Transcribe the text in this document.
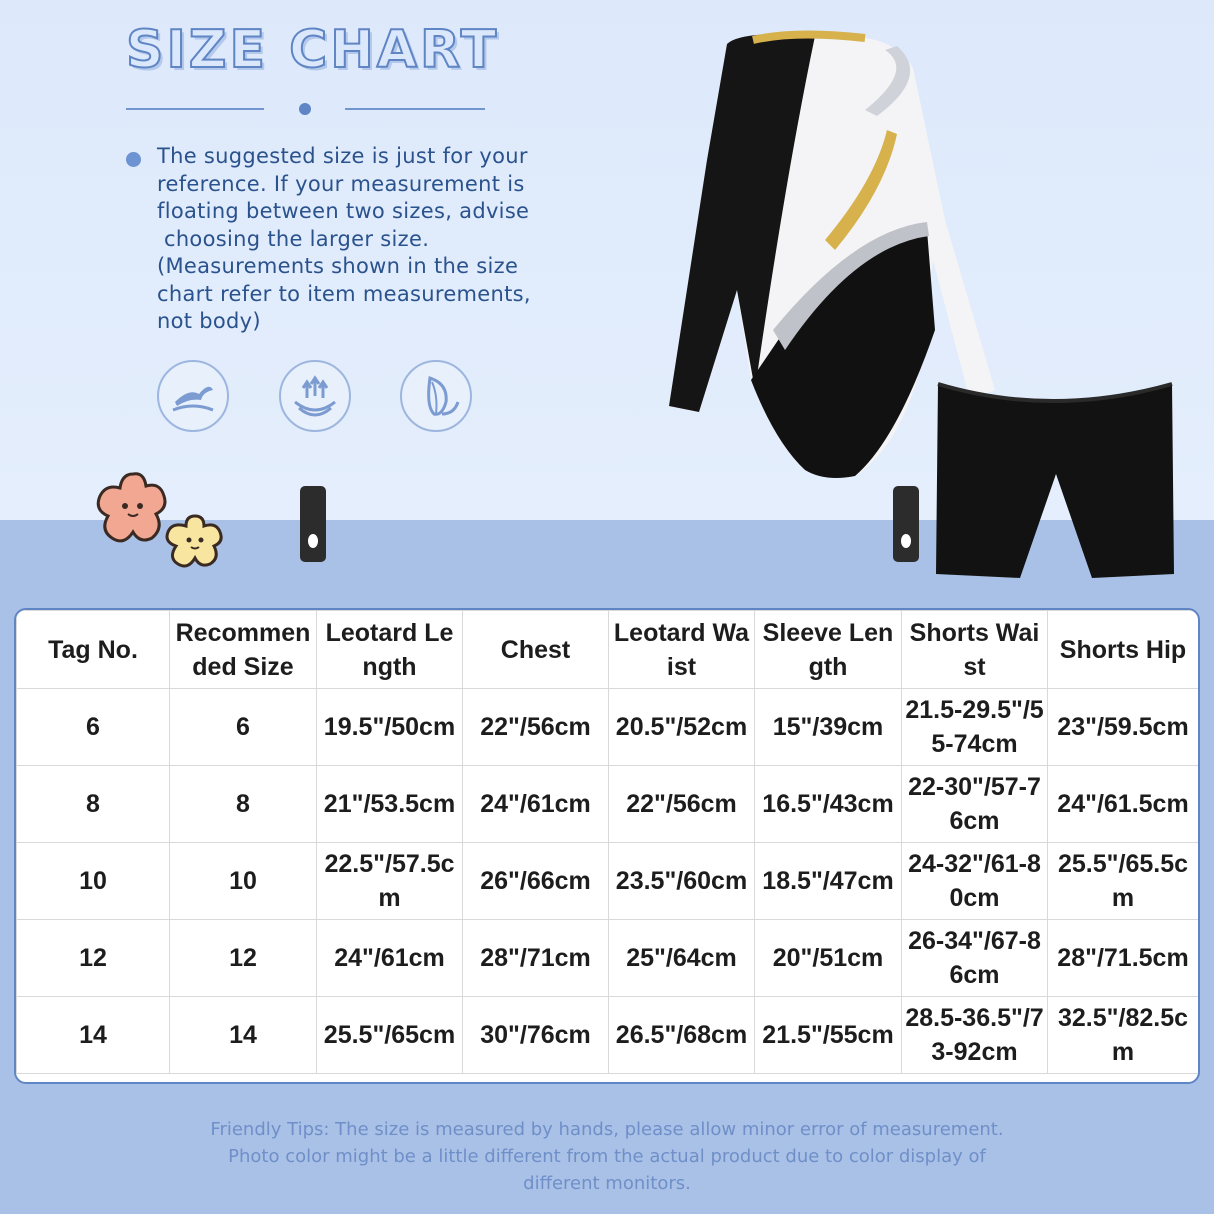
SIZE CHART

The suggested size is just for your
reference. If your measurement is
floating between two sizes, advise
choosing the larger size.
(Measurements shown in the size
chart refer to item measurements,
not body)

Tag No.	Recommended Size	Leotard Length	Chest	Leotard Waist	Sleeve Length	Shorts Waist	Shorts Hip
6	6	19.5"/50cm	22"/56cm	20.5"/52cm	15"/39cm	21.5-29.5"/55-74cm	23"/59.5cm
8	8	21"/53.5cm	24"/61cm	22"/56cm	16.5"/43cm	22-30"/57-76cm	24"/61.5cm
10	10	22.5"/57.5cm	26"/66cm	23.5"/60cm	18.5"/47cm	24-32"/61-80cm	25.5"/65.5cm
12	12	24"/61cm	28"/71cm	25"/64cm	20"/51cm	26-34"/67-86cm	28"/71.5cm
14	14	25.5"/65cm	30"/76cm	26.5"/68cm	21.5"/55cm	28.5-36.5"/73-92cm	32.5"/82.5cm

Friendly Tips: The size is measured by hands, please allow minor error of measurement.
Photo color might be a little different from the actual product due to color display of
different monitors.
